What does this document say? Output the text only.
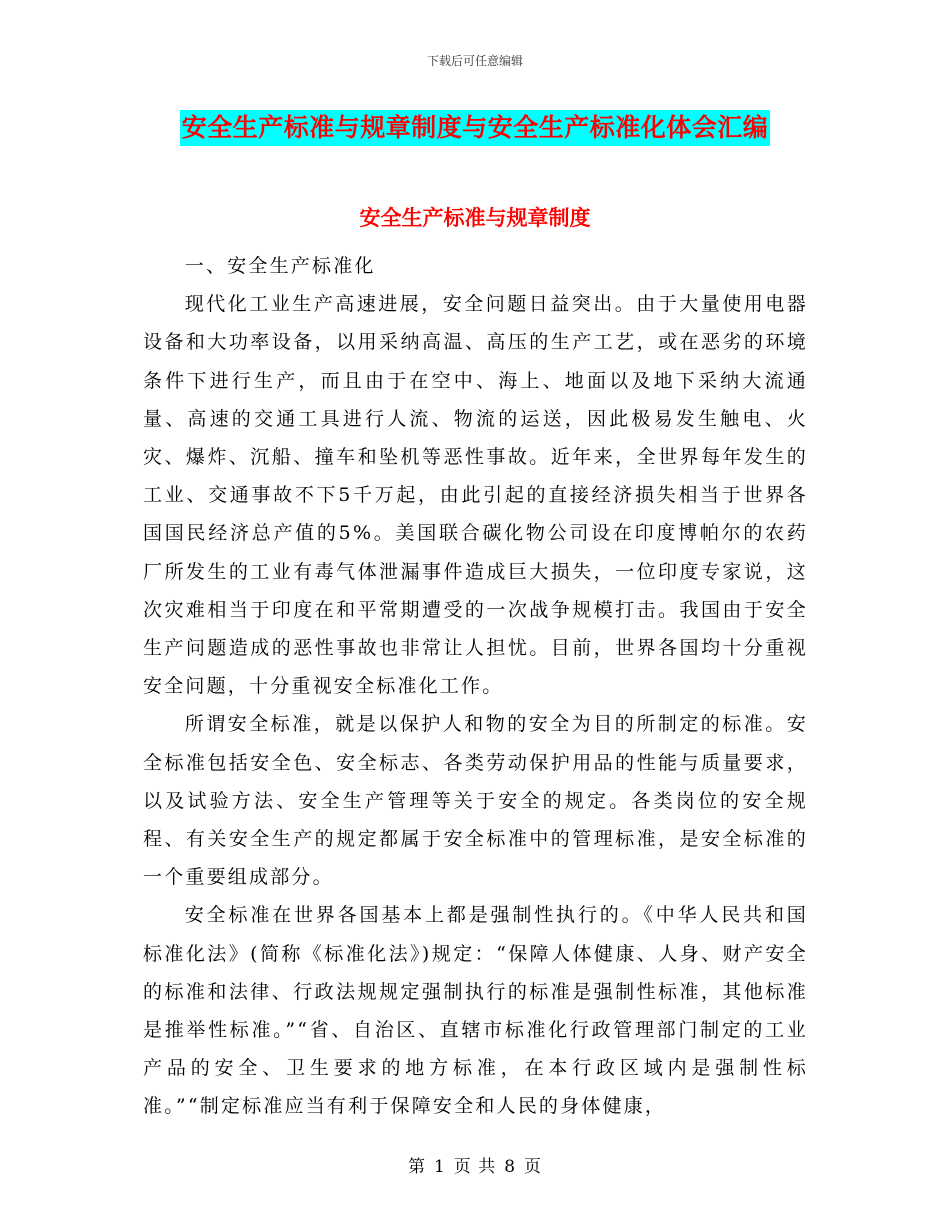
下载后可任意编辑
安全生产标准与规章制度与安全生产标准化体会汇编
安全生产标准与规章制度

一、安全生产标准化

现代化工业生产高速进展，安全问题日益突出。由于大量使用电器设备和大功率设备，以用采纳高温、高压的生产工艺，或在恶劣的环境条件下进行生产，而且由于在空中、海上、地面以及地下采纳大流通量、高速的交通工具进行人流、物流的运送，因此极易发生触电、火灾、爆炸、沉船、撞车和坠机等恶性事故。近年来，全世界每年发生的工业、交通事故不下5千万起，由此引起的直接经济损失相当于世界各国国民经济总产值的5%。美国联合碳化物公司设在印度博帕尔的农药厂所发生的工业有毒气体泄漏事件造成巨大损失，一位印度专家说，这次灾难相当于印度在和平常期遭受的一次战争规模打击。我国由于安全生产问题造成的恶性事故也非常让人担忧。目前，世界各国均十分重视安全问题，十分重视安全标准化工作。

所谓安全标准，就是以保护人和物的安全为目的所制定的标准。安全标准包括安全色、安全标志、各类劳动保护用品的性能与质量要求，以及试验方法、安全生产管理等关于安全的规定。各类岗位的安全规程、有关安全生产的规定都属于安全标准中的管理标准，是安全标准的一个重要组成部分。

安全标准在世界各国基本上都是强制性执行的。《中华人民共和国标准化法》(简称《标准化法》)规定：“保障人体健康、人身、财产安全的标准和法律、行政法规规定强制执行的标准是强制性标准，其他标准是推举性标准。”“省、自治区、直辖市标准化行政管理部门制定的工业产品的安全、卫生要求的地方标准，在本行政区域内是强制性标准。”“制定标准应当有利于保障安全和人民的身体健康，

第 1 页 共 8 页
